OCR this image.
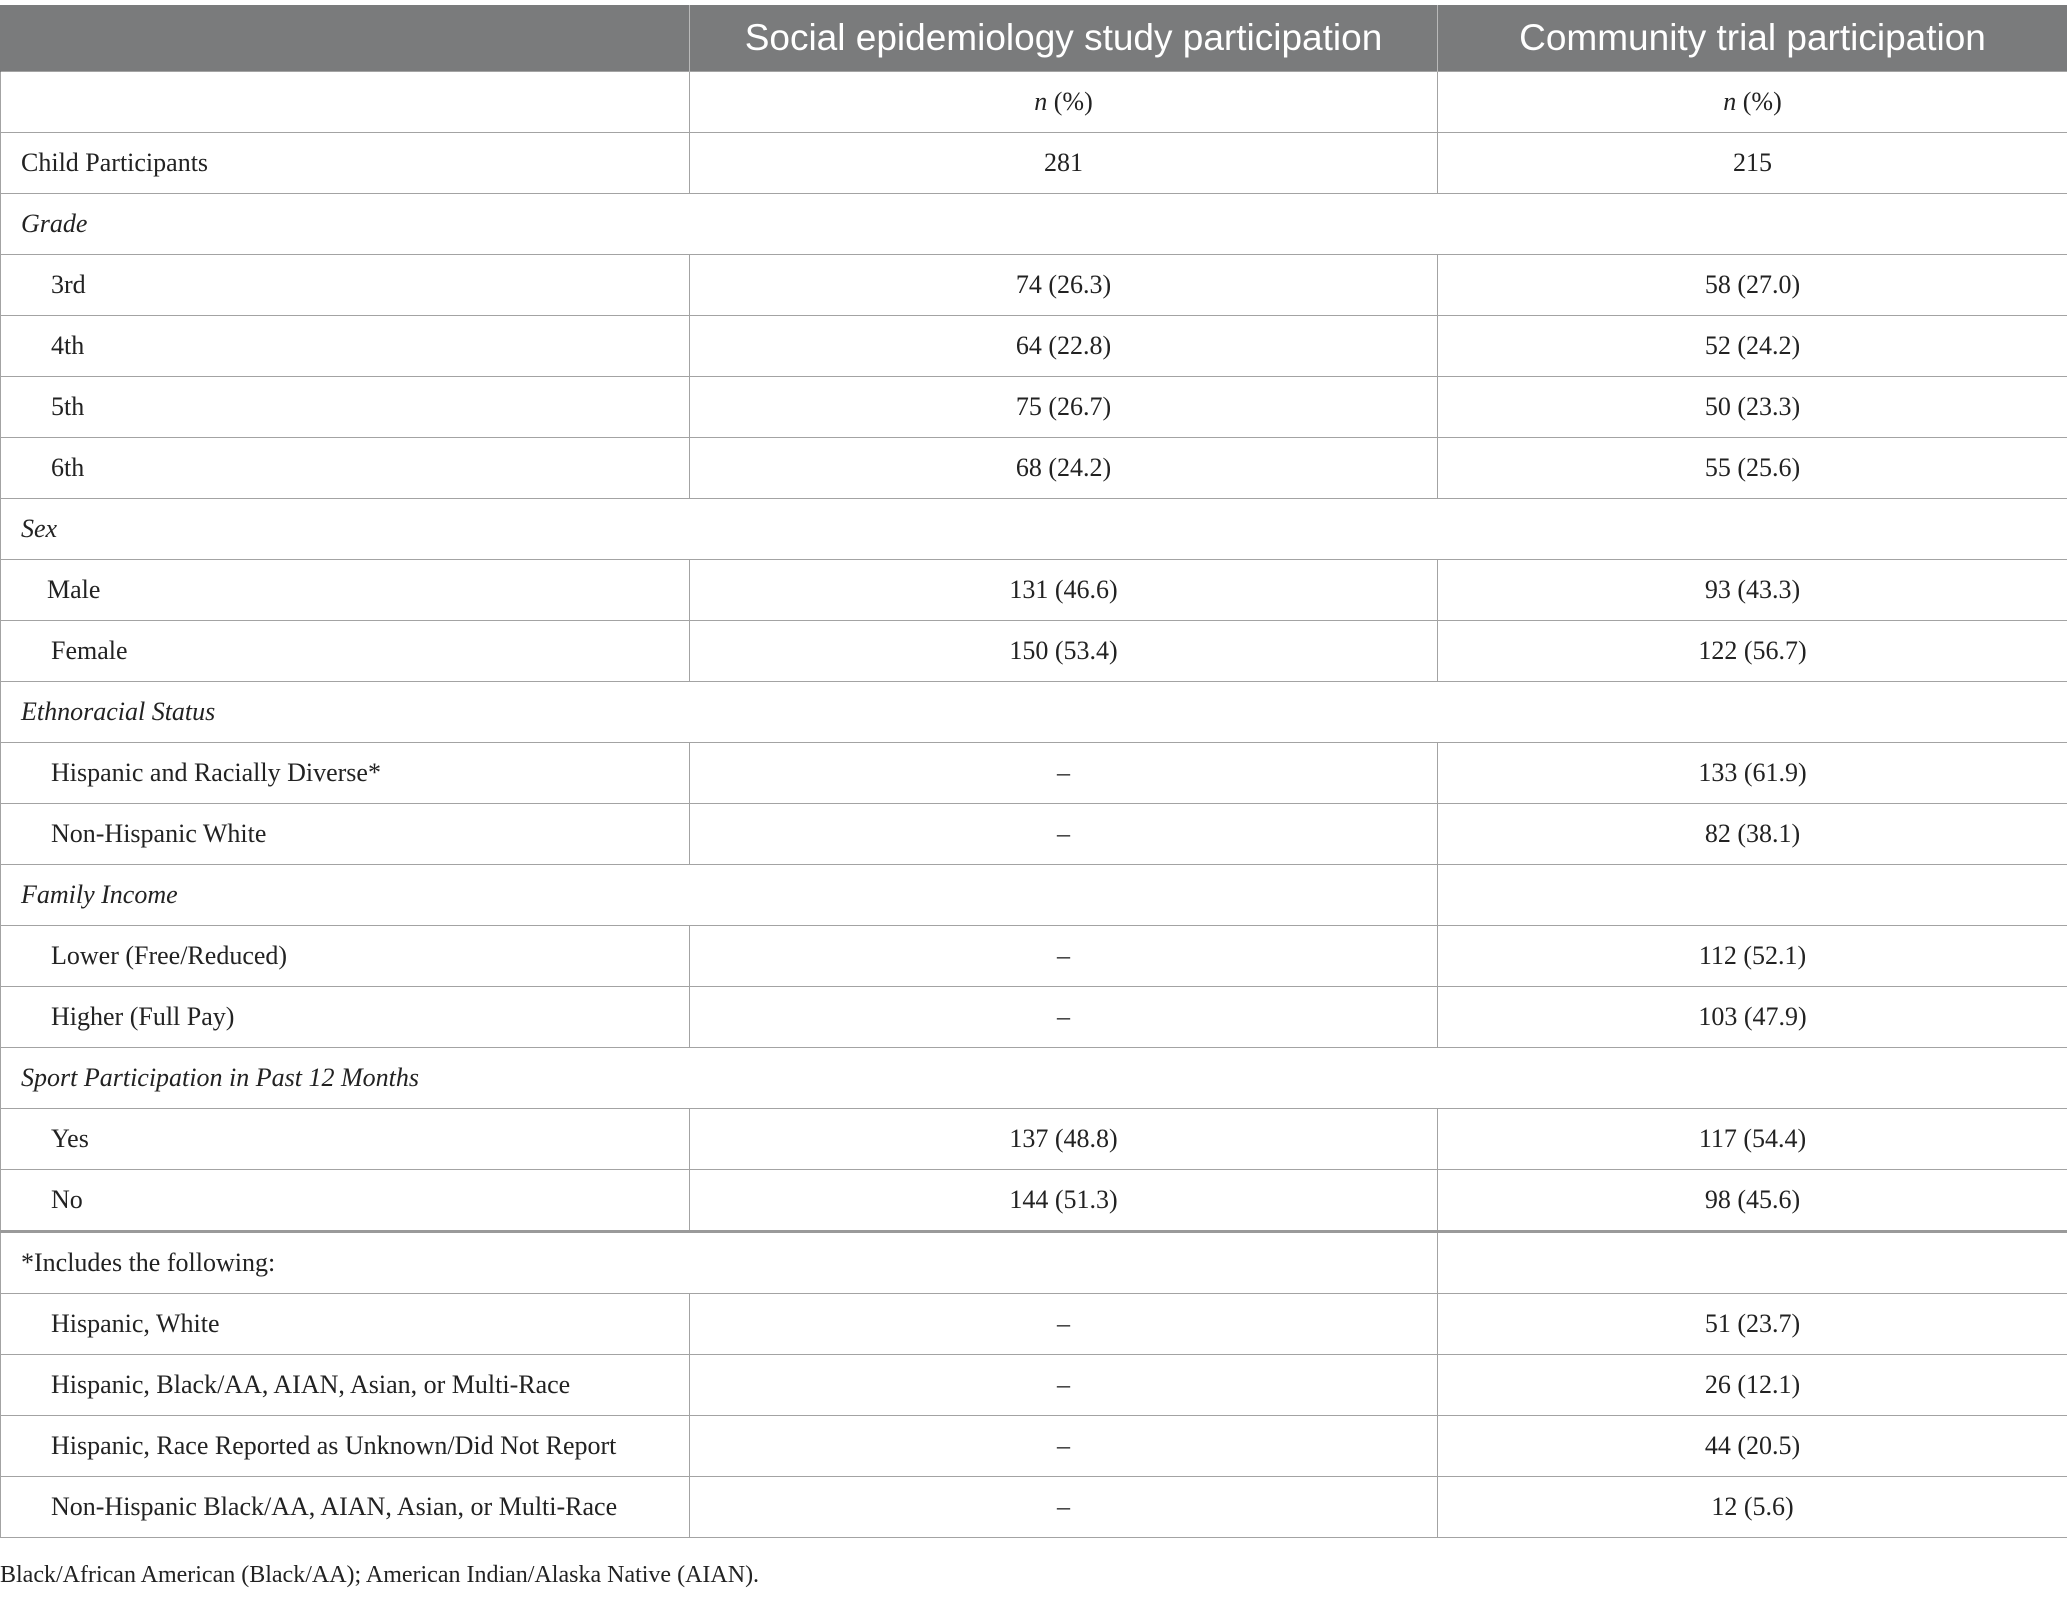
	Social epidemiology study participation	Community trial participation
	n (%)	n (%)
Child Participants	281	215
Grade		
3rd	74 (26.3)	58 (27.0)
4th	64 (22.8)	52 (24.2)
5th	75 (26.7)	50 (23.3)
6th	68 (24.2)	55 (25.6)
Sex		
Male	131 (46.6)	93 (43.3)
Female	150 (53.4)	122 (56.7)
Ethnoracial Status		
Hispanic and Racially Diverse*	–	133 (61.9)
Non-Hispanic White	–	82 (38.1)
Family Income		
Lower (Free/Reduced)	–	112 (52.1)
Higher (Full Pay)	–	103 (47.9)
Sport Participation in Past 12 Months		
Yes	137 (48.8)	117 (54.4)
No	144 (51.3)	98 (45.6)
*Includes the following:		
Hispanic, White	–	51 (23.7)
Hispanic, Black/AA, AIAN, Asian, or Multi-Race	–	26 (12.1)
Hispanic, Race Reported as Unknown/Did Not Report	–	44 (20.5)
Non-Hispanic Black/AA, AIAN, Asian, or Multi-Race	–	12 (5.6)
Black/African American (Black/AA); American Indian/Alaska Native (AIAN).
